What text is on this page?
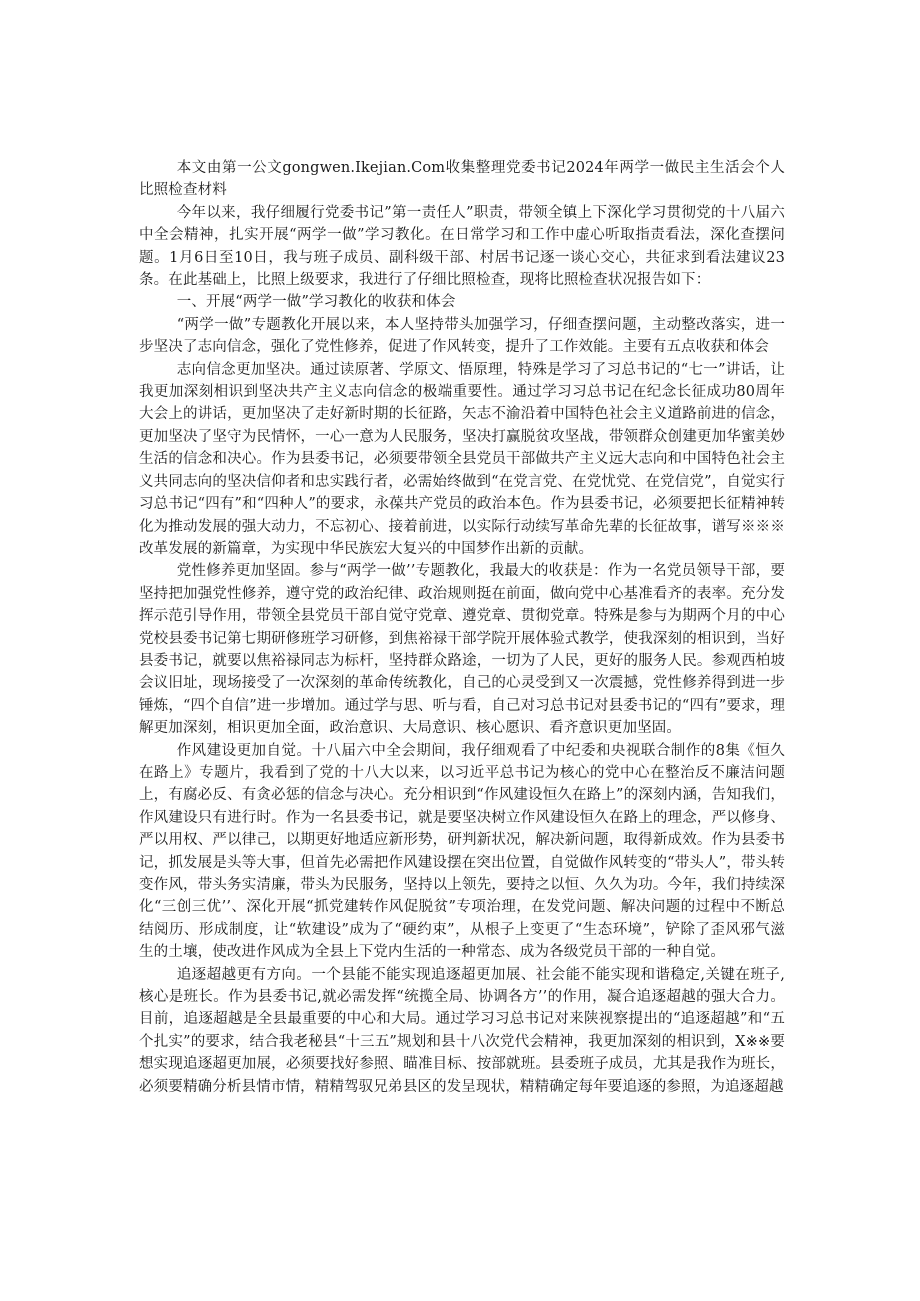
本文由第一公文gongwen.Ikejian.Com收集整理党委书记2024年两学一做民主生活会个人比照检查材料

今年以来，我仔细履行党委书记”第一责任人”职责，带领全镇上下深化学习贯彻党的十八届六中全会精神，扎实开展“两学一做”学习教化。在日常学习和工作中虚心听取指责看法，深化查摆问题。1月6日至10日，我与班子成员、副科级干部、村居书记逐一谈心交心，共征求到看法建议23条。在此基础上，比照上级要求，我进行了仔细比照检查，现将比照检查状况报告如下：

一、开展“两学一做”学习教化的收获和体会

“两学一做”专题教化开展以来，本人坚持带头加强学习，仔细查摆问题，主动整改落实，进一步坚决了志向信念，强化了党性修养，促进了作风转变，提升了工作效能。主要有五点收获和体会

志向信念更加坚决。通过读原著、学原文、悟原理，特殊是学习了习总书记的“七一”讲话，让我更加深刻相识到坚决共产主义志向信念的极端重要性。通过学习习总书记在纪念长征成功80周年大会上的讲话，更加坚决了走好新时期的长征路，矢志不渝沿着中国特色社会主义道路前进的信念，更加坚决了坚守为民情怀，一心一意为人民服务，坚决打赢脱贫攻坚战，带领群众创建更加华蜜美妙生活的信念和决心。作为县委书记，必须要带领全县党员干部做共产主义远大志向和中国特色社会主义共同志向的坚决信仰者和忠实践行者，必需始终做到“在党言党、在党忧党、在党信党”，自觉实行习总书记“四有”和“四种人”的要求，永葆共产党员的政治本色。作为县委书记，必须要把长征精神转化为推动发展的强大动力，不忘初心、接着前进，以实际行动续写革命先辈的长征故事，谱写※※※改革发展的新篇章，为实现中华民族宏大复兴的中国梦作出新的贡献。

党性修养更加坚固。参与“两学一做’’专题教化，我最大的收获是：作为一名党员领导干部，要坚持把加强党性修养，遵守党的政治纪律、政治规则挺在前面，做向党中心基准看齐的表率。充分发挥示范引导作用，带领全县党员干部自觉守党章、遵党章、贯彻党章。特殊是参与为期两个月的中心党校县委书记第七期研修班学习研修，到焦裕禄干部学院开展体验式教学，使我深刻的相识到，当好县委书记，就要以焦裕禄同志为标杆，坚持群众路途，一切为了人民，更好的服务人民。参观西柏坡会议旧址，现场接受了一次深刻的革命传统教化，自己的心灵受到又一次震撼，党性修养得到进一步锤炼，“四个自信”进一步增加。通过学与思、听与看，自己对习总书记对县委书记的“四有”要求，理解更加深刻，相识更加全面，政治意识、大局意识、核心愿识、看齐意识更加坚固。

作风建设更加自觉。十八届六中全会期间，我仔细观看了中纪委和央视联合制作的8集《恒久在路上》专题片，我看到了党的十八大以来，以习近平总书记为核心的党中心在整治反不廉洁问题上，有腐必反、有贪必惩的信念与决心。充分相识到“作风建设恒久在路上”的深刻内涵，告知我们，作风建设只有进行时。作为一名县委书记，就是要坚决树立作风建设恒久在路上的理念，严以修身、严以用权、严以律己，以期更好地适应新形势，研判新状况，解决新问题，取得新成效。作为县委书记，抓发展是头等大事，但首先必需把作风建设摆在突出位置，自觉做作风转变的“带头人”，带头转变作风，带头务实清廉，带头为民服务，坚持以上领先，要持之以恒、久久为功。今年，我们持续深化“三创三优’’、深化开展“抓党建转作风促脱贫”专项治理，在发党问题、解决问题的过程中不断总结阅历、形成制度，让“软建设”成为了“硬约束”，从根子上变更了“生态环境”，铲除了歪风邪气滋生的土壤，使改进作风成为全县上下党内生活的一种常态、成为各级党员干部的一种自觉。

追逐超越更有方向。一个县能不能实现追逐超更加展、社会能不能实现和谐稳定,关键在班子,核心是班长。作为县委书记,就必需发挥“统揽全局、协调各方’’的作用，凝合追逐超越的强大合力。目前，追逐超越是全县最重要的中心和大局。通过学习习总书记对来陕视察提出的“追逐超越”和“五个扎实”的要求，结合我老秘县“十三五”规划和县十八次党代会精神，我更加深刻的相识到，X※※要想实现追逐超更加展，必须要找好参照、瞄准目标、按部就班。县委班子成员，尤其是我作为班长，必须要精确分析县情市情，精精驾驭兄弟县区的发呈现状，精精确定每年要追逐的参照，为追逐超越
